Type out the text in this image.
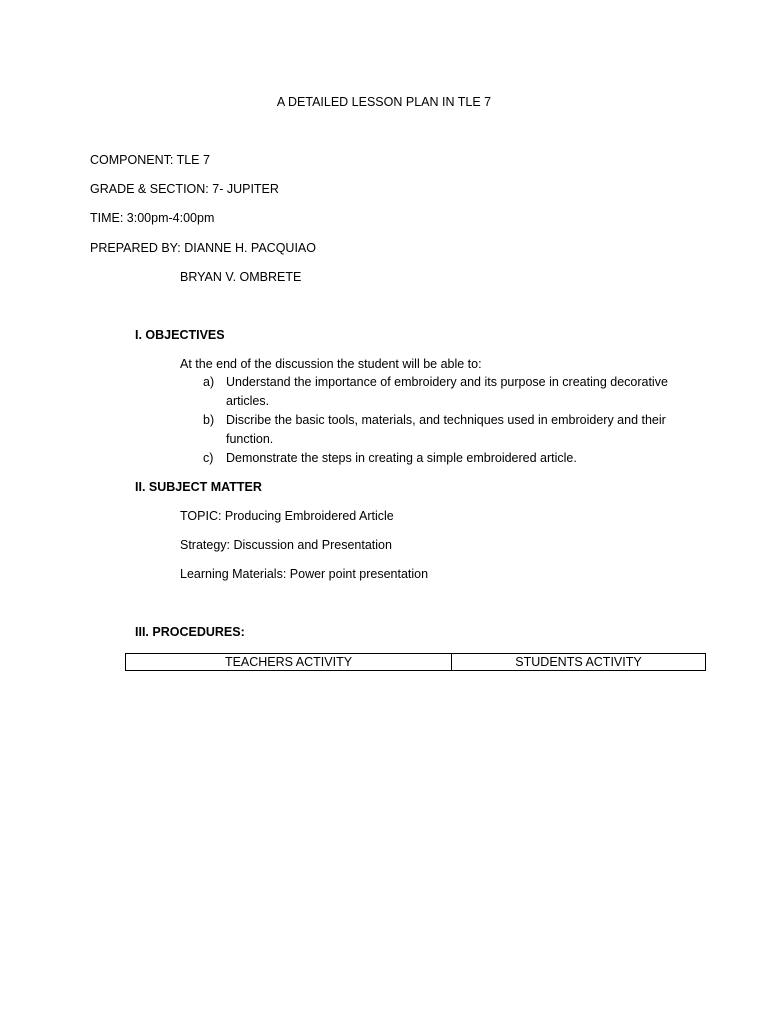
A DETAILED LESSON PLAN IN TLE 7
COMPONENT: TLE 7
GRADE & SECTION: 7- JUPITER
TIME: 3:00pm-4:00pm
PREPARED BY: DIANNE H. PACQUIAO
BRYAN V. OMBRETE
I. OBJECTIVES
At the end of the discussion the student will be able to:
a) Understand the importance of embroidery and its purpose in creating decorative articles.
b) Discribe the basic tools, materials, and techniques used in embroidery and their function.
c) Demonstrate the steps in creating a simple embroidered article.
II. SUBJECT MATTER
TOPIC: Producing Embroidered Article
Strategy: Discussion and Presentation
Learning Materials: Power point presentation
III. PROCEDURES:
TEACHERS ACTIVITY	STUDENTS ACTIVITY
